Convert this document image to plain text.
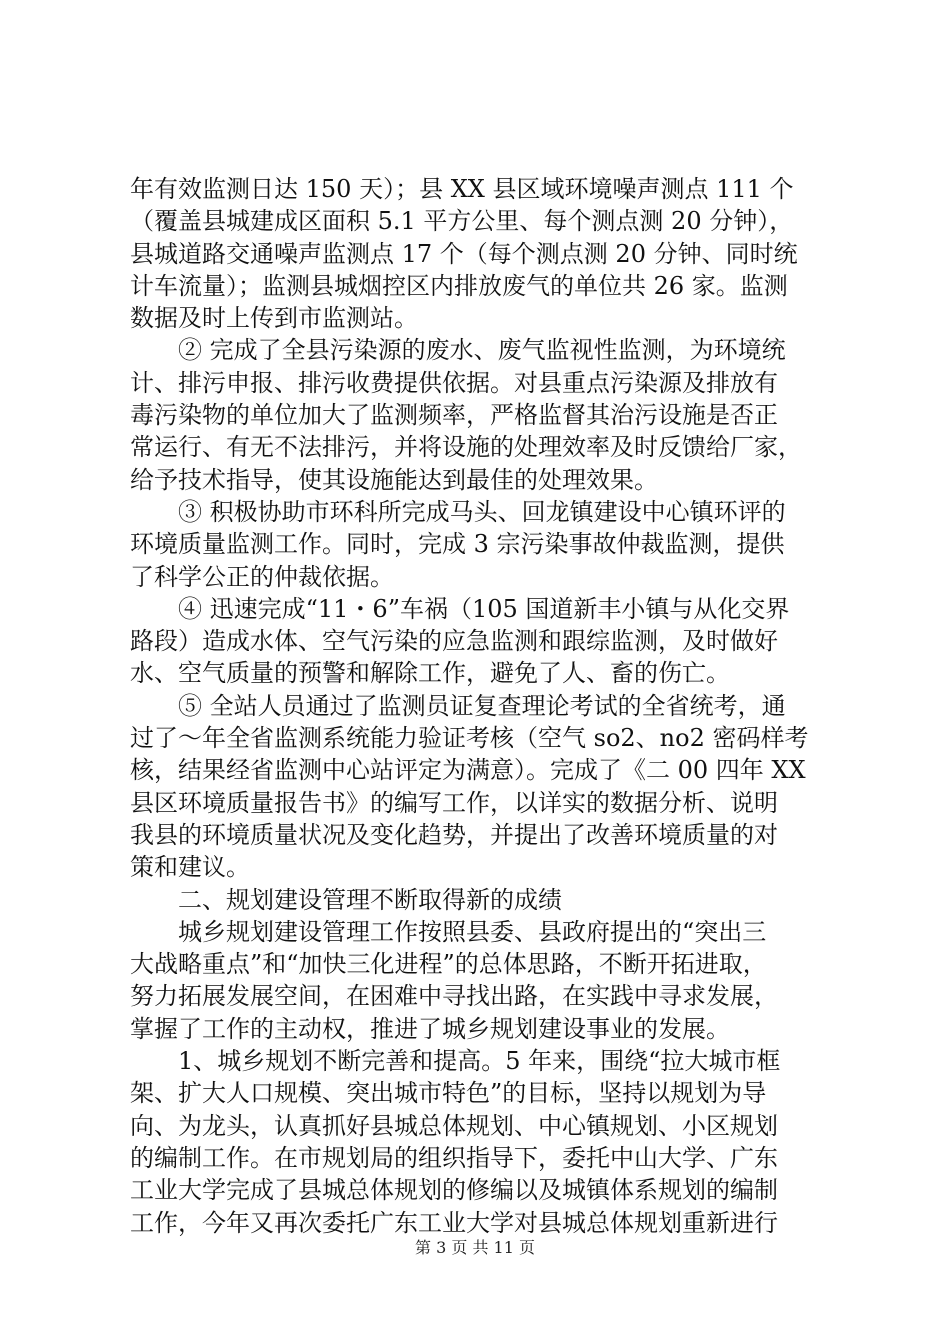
年有效监测日达 150 天）；县 XX 县区域环境噪声测点 111 个
（覆盖县城建成区面积 5.1 平方公里、每个测点测 20 分钟），
县城道路交通噪声监测点 17 个（每个测点测 20 分钟、同时统
计车流量）；监测县城烟控区内排放废气的单位共 26 家。监测
数据及时上传到市监测站。
　　② 完成了全县污染源的废水、废气监视性监测，为环境统
计、排污申报、排污收费提供依据。对县重点污染源及排放有
毒污染物的单位加大了监测频率，严格监督其治污设施是否正
常运行、有无不法排污，并将设施的处理效率及时反馈给厂家，
给予技术指导，使其设施能达到最佳的处理效果。
　　③ 积极协助市环科所完成马头、回龙镇建设中心镇环评的
环境质量监测工作。同时，完成 3 宗污染事故仲裁监测，提供
了科学公正的仲裁依据。
　　④ 迅速完成“11・6”车祸（105 国道新丰小镇与从化交界
路段）造成水体、空气污染的应急监测和跟综监测，及时做好
水、空气质量的预警和解除工作，避免了人、畜的伤亡。
　　⑤ 全站人员通过了监测员证复查理论考试的全省统考，通
过了～年全省监测系统能力验证考核（空气 so2、no2 密码样考
核，结果经省监测中心站评定为满意）。完成了《二 00 四年 XX
县区环境质量报告书》的编写工作，以详实的数据分析、说明
我县的环境质量状况及变化趋势，并提出了改善环境质量的对
策和建议。
　　二、规划建设管理不断取得新的成绩
　　城乡规划建设管理工作按照县委、县政府提出的“突出三
大战略重点”和“加快三化进程”的总体思路，不断开拓进取，
努力拓展发展空间，在困难中寻找出路，在实践中寻求发展，
掌握了工作的主动权，推进了城乡规划建设事业的发展。
　　1、城乡规划不断完善和提高。5 年来，围绕“拉大城市框
架、扩大人口规模、突出城市特色”的目标，坚持以规划为导
向、为龙头，认真抓好县城总体规划、中心镇规划、小区规划
的编制工作。在市规划局的组织指导下，委托中山大学、广东
工业大学完成了县城总体规划的修编以及城镇体系规划的编制
工作，今年又再次委托广东工业大学对县城总体规划重新进行
第 3 页 共 11 页
